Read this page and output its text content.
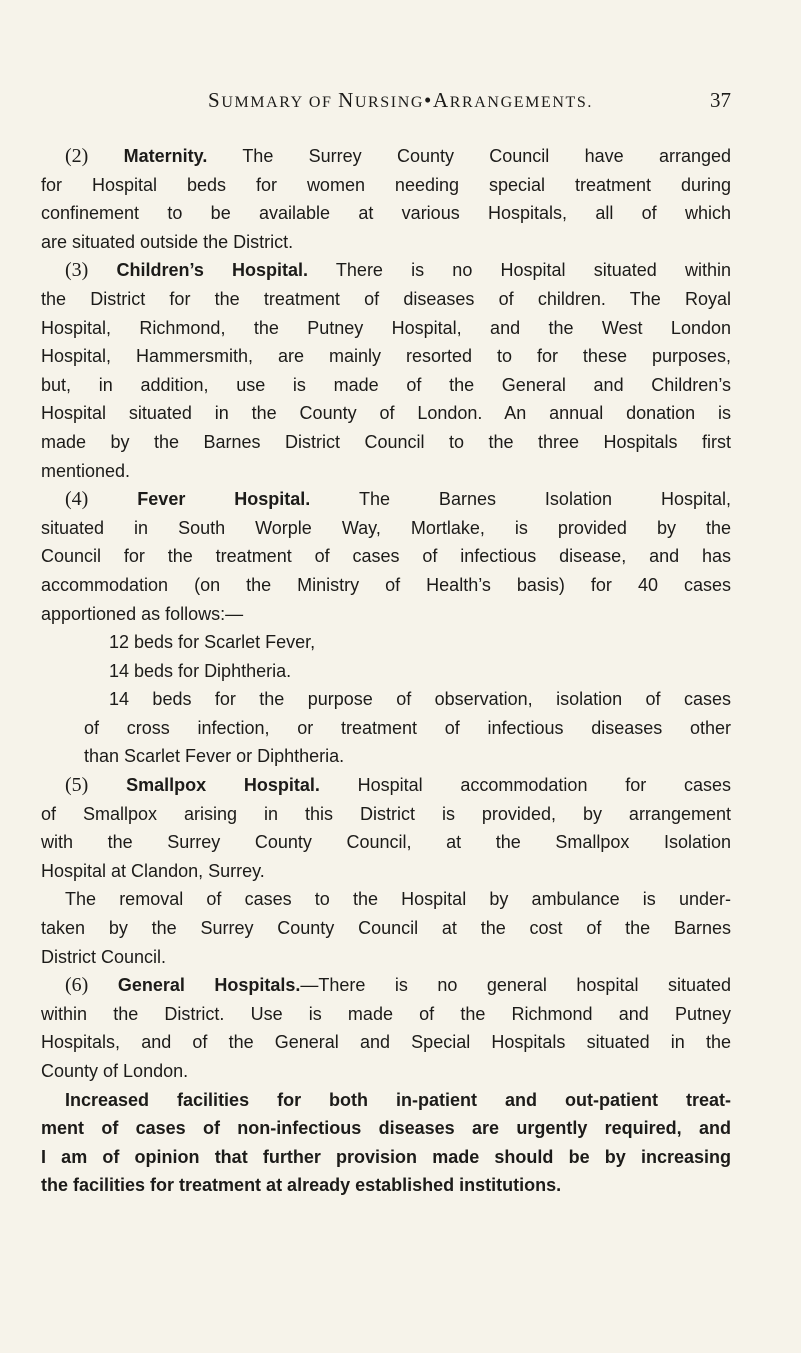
SUMMARY OF NURSING•ARRANGEMENTS.	37
(2) Maternity. The Surrey County Council have arranged
for Hospital beds for women needing special treatment during
confinement to be available at various Hospitals, all of which
are situated outside the District.
(3) Children’s Hospital. There is no Hospital situated within
the District for the treatment of diseases of children. The Royal
Hospital, Richmond, the Putney Hospital, and the West London
Hospital, Hammersmith, are mainly resorted to for these purposes,
but, in addition, use is made of the General and Children’s
Hospital situated in the County of London. An annual donation is
made by the Barnes District Council to the three Hospitals first
mentioned.
(4)	Fever Hospital.	The Barnes Isolation Hospital,
situated in South Worple Way, Mortlake, is provided by the
Council for the treatment of cases of infectious disease, and has
accommodation (on the Ministry of Health’s basis) for 40 cases
apportioned as follows:—
12 beds for Scarlet Fever,
14 beds for Diphtheria.
14 beds for the purpose of observation, isolation of cases
of cross infection, or treatment of infectious diseases other
than Scarlet Fever or Diphtheria.
(5) Smallpox Hospital. Hospital accommodation for cases
of Smallpox arising in this District is provided, by arrangement
with the Surrey County Council, at the Smallpox Isolation
Hospital at Clandon, Surrey.
The removal of cases to the Hospital by ambulance is under-
taken by the Surrey County Council at the cost of the Barnes
District Council.
(6) General Hospitals.—There is no general hospital situated
within the District. Use is made of the Richmond and Putney
Hospitals, and of the General and Special Hospitals situated in the
County of London.
Increased facilities for both in-patient and out-patient treat-
ment of cases of non-infectious diseases are urgently required, and
I am of opinion that further provision made should be by increasing
the facilities for treatment at already established institutions.
